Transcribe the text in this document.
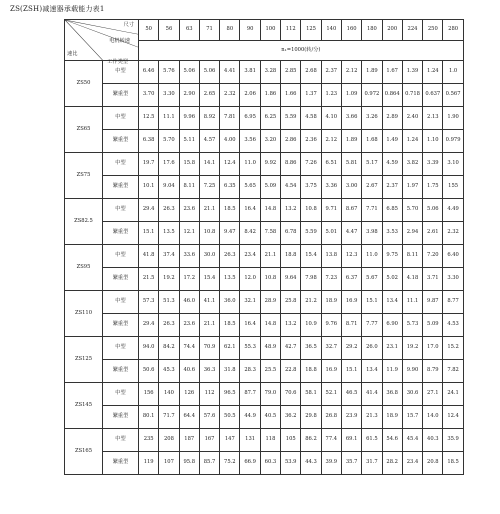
ZS(ZSH)减速器承载能力表1
尺寸
电机转速
工作类型
速比		50	56	63	71	80	90	100	112	125	140	160	180	200	224	250	280
		n₁=1000(转/分)															
ZS50	中型	6.46	5.76	5.06	5.06	4.41	3.81	3.28	2.85	2.68	2.37	2.12	1.89	1.67	1.39	1.24	1.0
	繁重型	3.70	3.30	2.90	2.65	2.32	2.06	1.86	1.66	1.37	1.23	1.09	0.972	0.864	0.718	0.637	0.567
ZS65	中型	12.5	11.1	9.96	8.92	7.81	6.95	6.25	5.59	4.58	4.10	3.66	3.26	2.89	2.40	2.13	1.90
	繁重型	6.38	5.70	5.11	4.57	4.00	3.56	3.20	2.86	2.36	2.12	1.89	1.68	1.49	1.24	1.10	0.979
ZS75	中型	19.7	17.6	15.8	14.1	12.4	11.0	9.92	8.86	7.26	6.51	5.81	5.17	4.59	3.82	3.39	3.10
	繁重型	10.1	9.04	8.11	7.25	6.35	5.65	5.09	4.54	3.75	3.36	3.00	2.67	2.37	1.97	1.75	155
ZS82.5	中型	29.4	26.3	23.6	21.1	18.5	16.4	14.8	13.2	10.8	9.71	8.67	7.71	6.85	5.70	5.06	4.49
	繁重型	15.1	13.5	12.1	10.8	9.47	8.42	7.58	6.78	5.59	5.01	4.47	3.98	3.53	2.94	2.61	2.32
ZS95	中型	41.8	37.4	33.6	30.0	26.3	23.4	21.1	18.8	15.4	13.8	12.3	11.0	9.75	8.11	7.20	6.40
	繁重型	21.5	19.2	17.2	15.4	13.5	12.0	10.8	9.64	7.98	7.23	6.37	5.67	5.02	4.18	3.71	3.30
ZS110	中型	57.3	51.3	46.0	41.1	36.0	32.1	28.9	25.8	21.2	18.9	16.9	15.1	13.4	11.1	9.87	8.77
	繁重型	29.4	26.3	23.6	21.1	18.5	16.4	14.8	13.2	10.9	9.76	8.71	7.77	6.90	5.73	5.09	4.53
ZS125	中型	94.0	84.2	74.4	70.9	62.1	55.3	48.9	42.7	36.5	32.7	29.2	26.0	23.1	19.2	17.0	15.2
	繁重型	50.6	45.3	40.6	36.3	31.8	28.3	25.5	22.8	18.8	16.9	15.1	13.4	11.9	9.90	8.79	7.82
ZS145	中型	156	140	126	112	96.5	87.7	79.0	70.6	58.1	52.1	46.5	41.4	36.8	30.6	27.1	24.1
	繁重型	80.1	71.7	64.4	57.6	50.5	44.9	40.5	36.2	29.8	26.8	23.9	21.3	18.9	15.7	14.0	12.4
ZS165	中型	235	208	187	167	147	131	118	105	86.2	77.4	69.1	61.5	54.6	45.4	40.3	35.9
	繁重型	119	107	95.8	85.7	75.2	66.9	60.3	53.9	44.3	39.9	35.7	31.7	28.2	23.4	20.8	18.5
